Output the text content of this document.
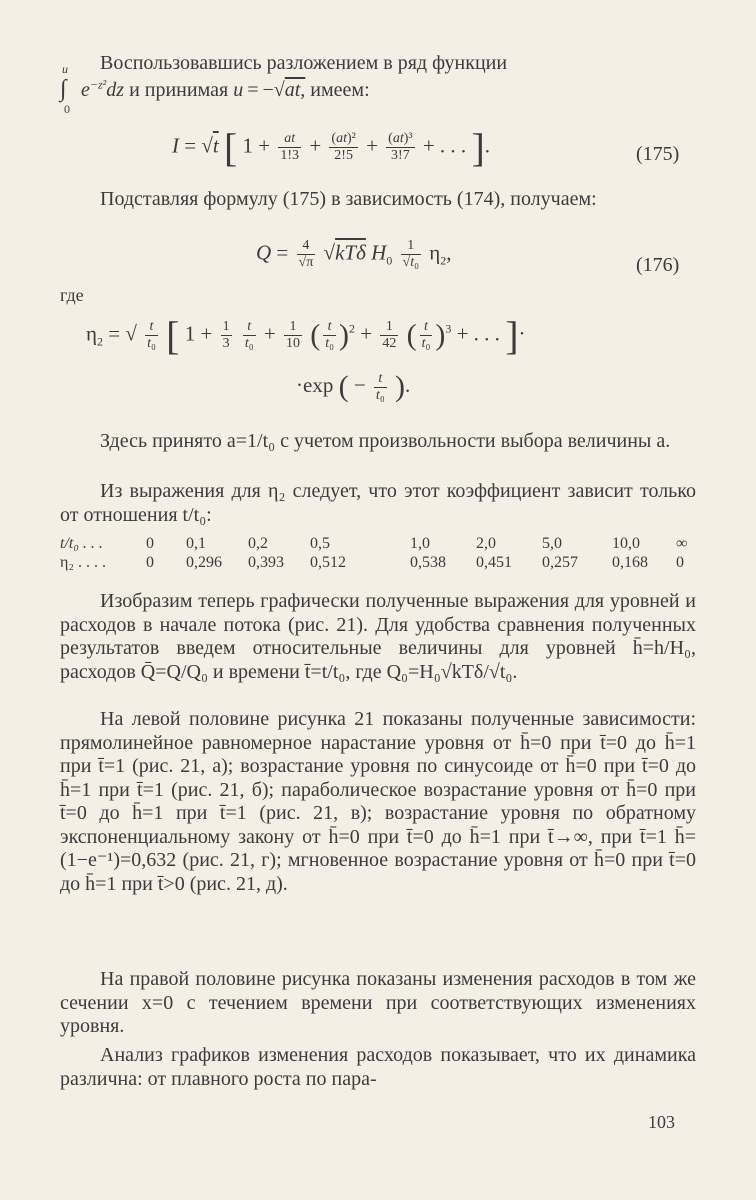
Воспользовавшись разложением в ряд функции

u
∫
0
$e^{-z^2}dz$ и принимая u = −√at, имеем:
I = √t [ $1 + \frac{at}{1!3} + \frac{\text{(at)²}}{2!5} + \frac{\text{(at)³}}{3!7}$ + . . . ].	(175)

Подставляя формулу (175) в зависимость (174), получаем:

$Q = \frac{4}{√\pi} √kT\delta$ $H_0 \frac{1}{\text{√t₀}} \eta_2$,
(176)
где
$\eta_2$ = √ $\frac{t}{\text{t₀}}$ [ $1 + \frac{1}{3}$
$\frac{t}{\text{t₀}} + \frac{1}{10}$ ( $\frac{t}{\text{t₀}} )^2 + \frac{1}{42}$ ( $\frac{t}{\text{t₀}} )^3$ + . . . ]·
·exp ( − $\frac{t}{\text{t₀}}$ ).

Здесь принято a=1/t₀ с учетом произвольности выбора величины a.

Из выражения для η₂ следует, что этот коэффициент зависит только от отношения t/t₀:

t/t₀ . . .	0	0,1	0,2	0,5	1,0	2,0	5,0	10,0	∞
η₂ . . . .	0	0,296	0,393	0,512	0,538	0,451	0,257	0,168	0

Изобразим теперь графически полученные выражения для уровней и расходов в начале потока (рис. 21). Для удобства сравнения полученных результатов введем относительные величины для уровней h̄=h/H₀, расходов Q̄=Q/Q₀ и времени t̄=t/t₀, где Q₀=H₀√kTδ/√t₀.

На левой половине рисунка 21 показаны полученные зависимости: прямолинейное равномерное нарастание уровня от h̄=0 при t̄=0 до h̄=1 при t̄=1 (рис. 21, а); возрастание уровня по синусоиде от h̄=0 при t̄=0 до h̄=1 при t̄=1 (рис. 21, б); параболическое возрастание уровня от h̄=0 при t̄=0 до h̄=1 при t̄=1 (рис. 21, в); возрастание уровня по обратному экспоненциальному закону от h̄=0 при t̄=0 до h̄=1 при t̄→∞, при t̄=1 h̄=(1−e⁻¹)=0,632 (рис. 21, г); мгновенное возрастание уровня от h̄=0 при t̄=0 до h̄=1 при t̄>0 (рис. 21, д).

На правой половине рисунка показаны изменения расходов в том же сечении x=0 с течением времени при соответствующих изменениях уровня.

Анализ графиков изменения расходов показывает, что их динамика различна: от плавного роста по пара-

103
